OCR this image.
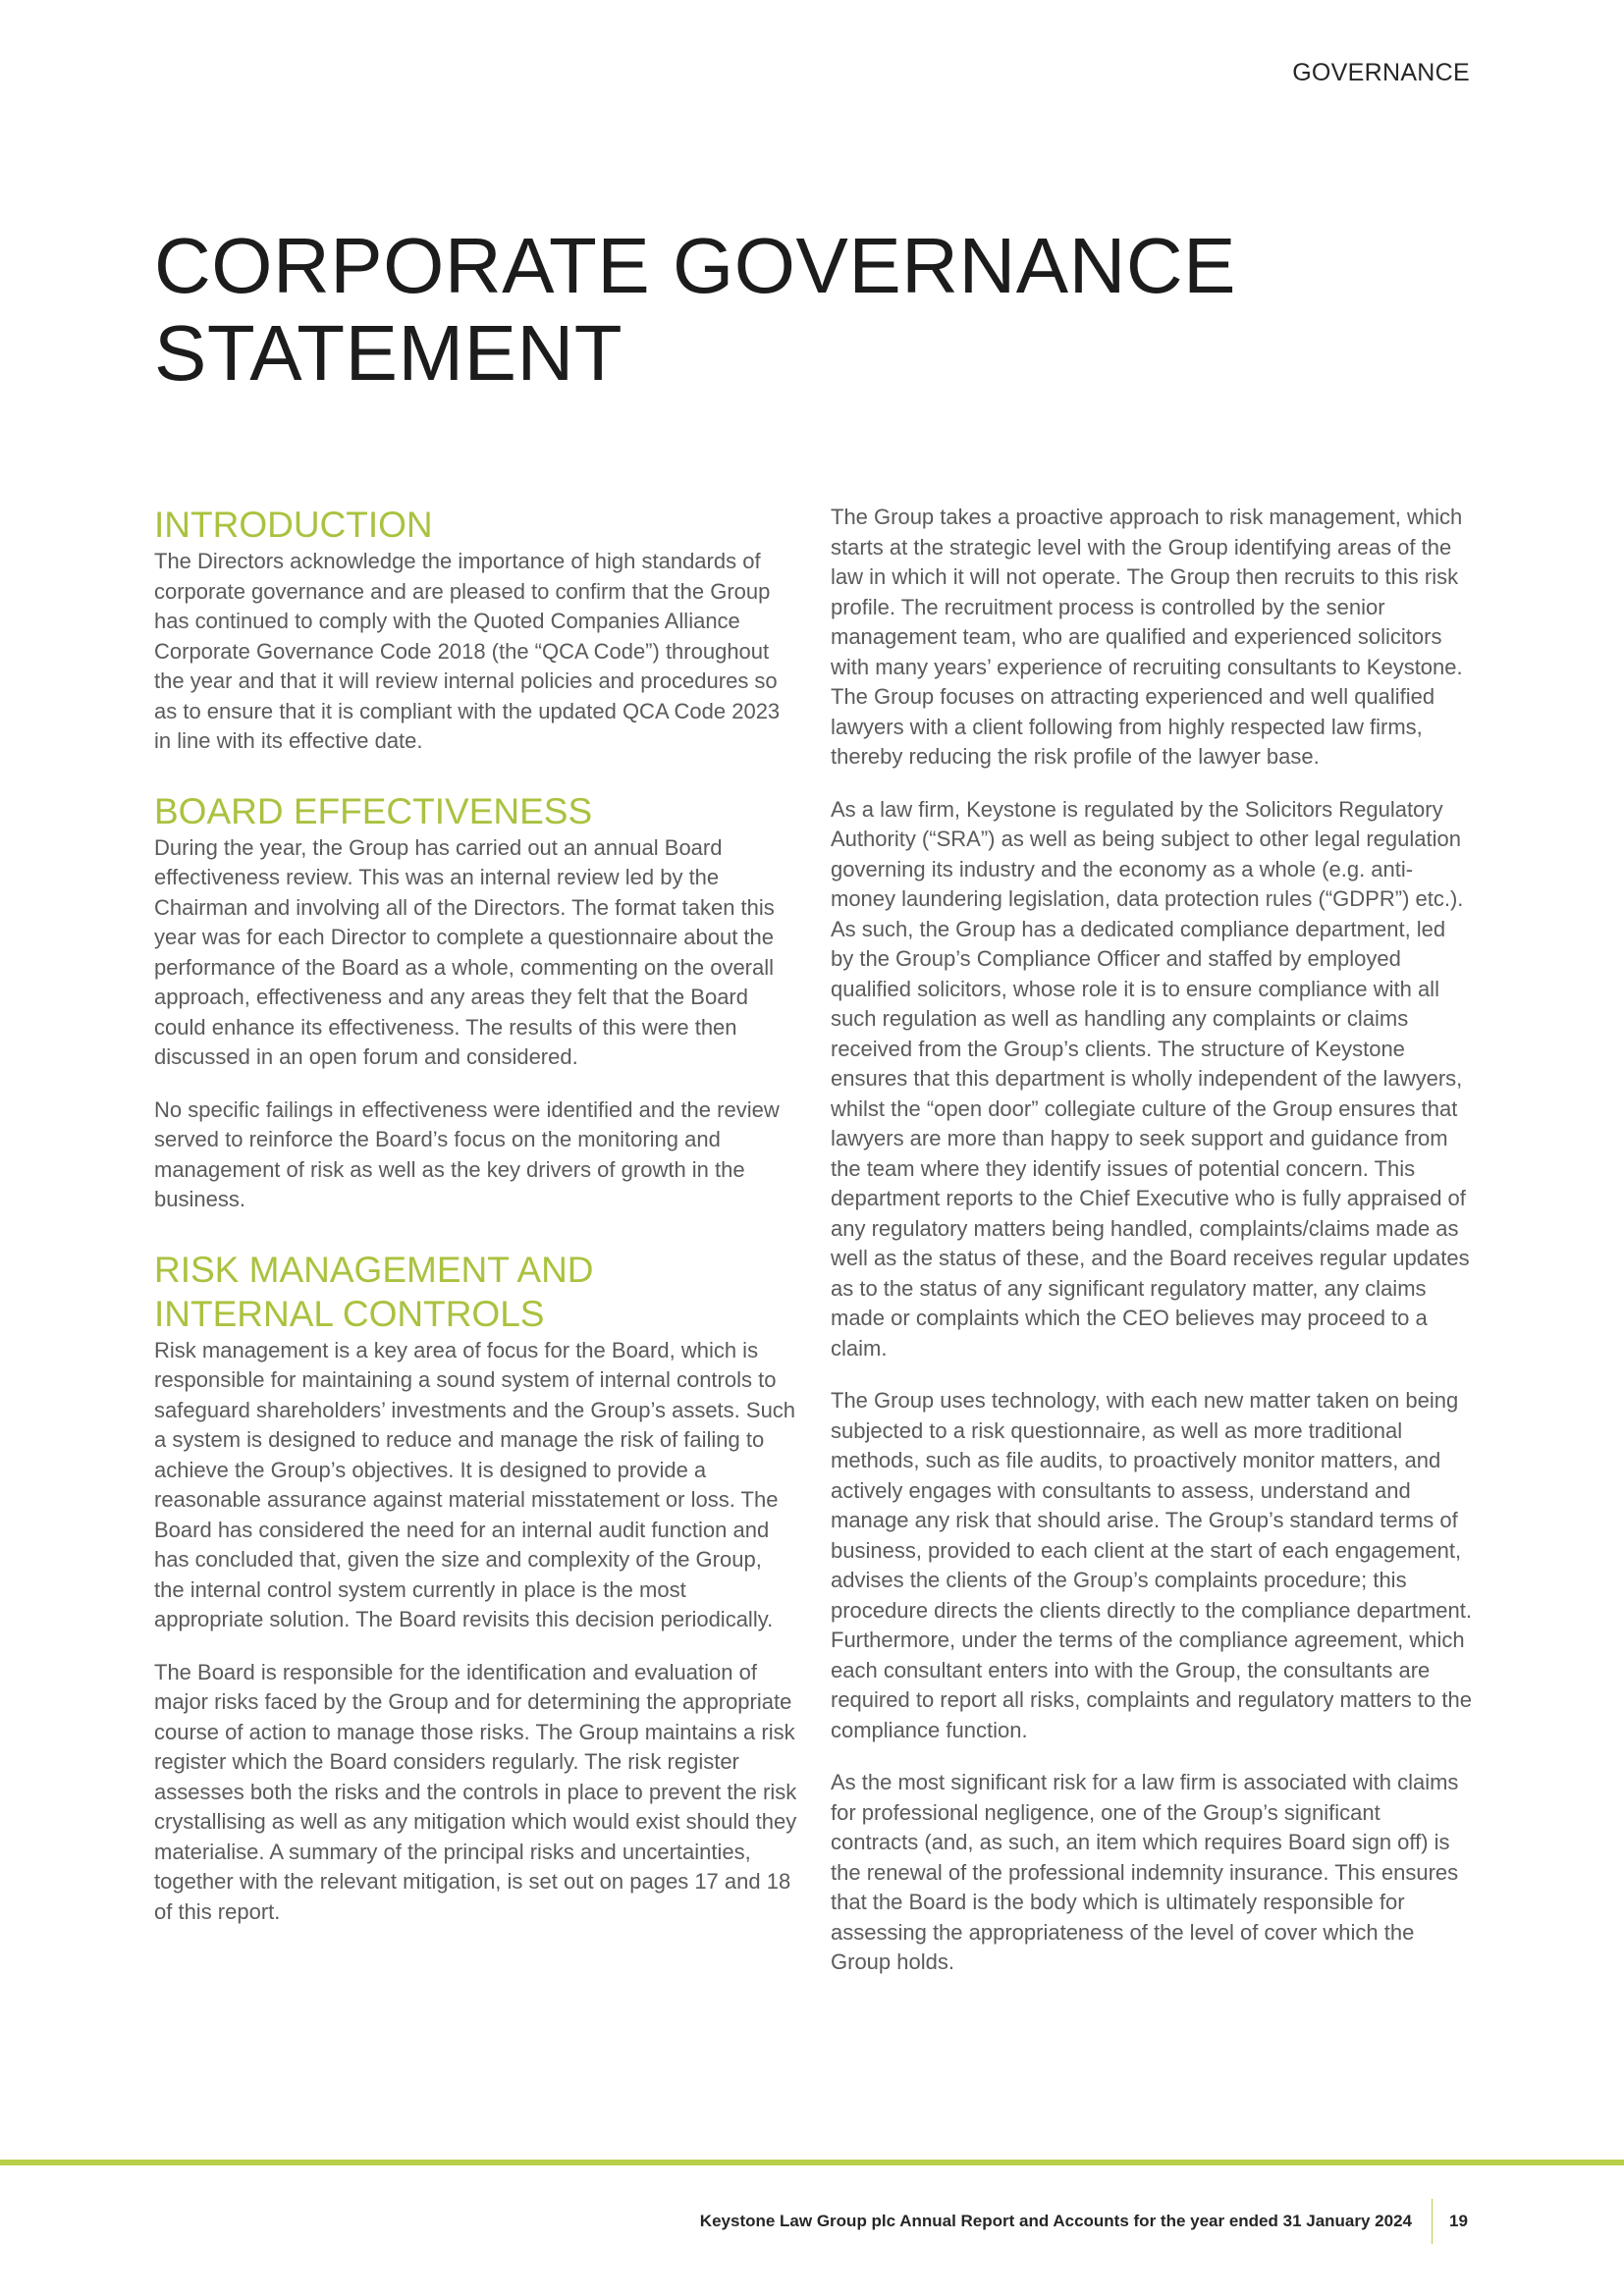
GOVERNANCE

CORPORATE GOVERNANCE
STATEMENT
INTRODUCTION

The Directors acknowledge the importance of high standards of corporate governance and are pleased to confirm that the Group has continued to comply with the Quoted Companies Alliance Corporate Governance Code 2018 (the “QCA Code”) throughout the year and that it will review internal policies and procedures so as to ensure that it is compliant with the updated QCA Code 2023 in line with its effective date.

BOARD EFFECTIVENESS

During the year, the Group has carried out an annual Board effectiveness review. This was an internal review led by the Chairman and involving all of the Directors. The format taken this year was for each Director to complete a questionnaire about the performance of the Board as a whole, commenting on the overall approach, effectiveness and any areas they felt that the Board could enhance its effectiveness. The results of this were then discussed in an open forum and considered.

No specific failings in effectiveness were identified and the review served to reinforce the Board’s focus on the monitoring and management of risk as well as the key drivers of growth in the business.

RISK MANAGEMENT AND
INTERNAL CONTROLS

Risk management is a key area of focus for the Board, which is responsible for maintaining a sound system of internal controls to safeguard shareholders’ investments and the Group’s assets. Such a system is designed to reduce and manage the risk of failing to achieve the Group’s objectives. It is designed to provide a reasonable assurance against material misstatement or loss. The Board has considered the need for an internal audit function and has concluded that, given the size and complexity of the Group, the internal control system currently in place is the most appropriate solution. The Board revisits this decision periodically.

The Board is responsible for the identification and evaluation of major risks faced by the Group and for determining the appropriate course of action to manage those risks. The Group maintains a risk register which the Board considers regularly. The risk register assesses both the risks and the controls in place to prevent the risk crystallising as well as any mitigation which would exist should they materialise. A summary of the principal risks and uncertainties, together with the relevant mitigation, is set out on pages 17 and 18 of this report.

The Group takes a proactive approach to risk management, which starts at the strategic level with the Group identifying areas of the law in which it will not operate. The Group then recruits to this risk profile. The recruitment process is controlled by the senior management team, who are qualified and experienced solicitors with many years’ experience of recruiting consultants to Keystone. The Group focuses on attracting experienced and well qualified lawyers with a client following from highly respected law firms, thereby reducing the risk profile of the lawyer base.

As a law firm, Keystone is regulated by the Solicitors Regulatory Authority (“SRA”) as well as being subject to other legal regulation governing its industry and the economy as a whole (e.g. anti-money laundering legislation, data protection rules (“GDPR”) etc.). As such, the Group has a dedicated compliance department, led by the Group’s Compliance Officer and staffed by employed qualified solicitors, whose role it is to ensure compliance with all such regulation as well as handling any complaints or claims received from the Group’s clients. The structure of Keystone ensures that this department is wholly independent of the lawyers, whilst the “open door” collegiate culture of the Group ensures that lawyers are more than happy to seek support and guidance from the team where they identify issues of potential concern. This department reports to the Chief Executive who is fully appraised of any regulatory matters being handled, complaints/claims made as well as the status of these, and the Board receives regular updates as to the status of any significant regulatory matter, any claims made or complaints which the CEO believes may proceed to a claim.

The Group uses technology, with each new matter taken on being subjected to a risk questionnaire, as well as more traditional methods, such as file audits, to proactively monitor matters, and actively engages with consultants to assess, understand and manage any risk that should arise. The Group’s standard terms of business, provided to each client at the start of each engagement, advises the clients of the Group’s complaints procedure; this procedure directs the clients directly to the compliance department. Furthermore, under the terms of the compliance agreement, which each consultant enters into with the Group, the consultants are required to report all risks, complaints and regulatory matters to the compliance function.

As the most significant risk for a law firm is associated with claims for professional negligence, one of the Group’s significant contracts (and, as such, an item which requires Board sign off) is the renewal of the professional indemnity insurance. This ensures that the Board is the body which is ultimately responsible for assessing the appropriateness of the level of cover which the Group holds.

Keystone Law Group plc Annual Report and Accounts for the year ended 31 January 2024 19
